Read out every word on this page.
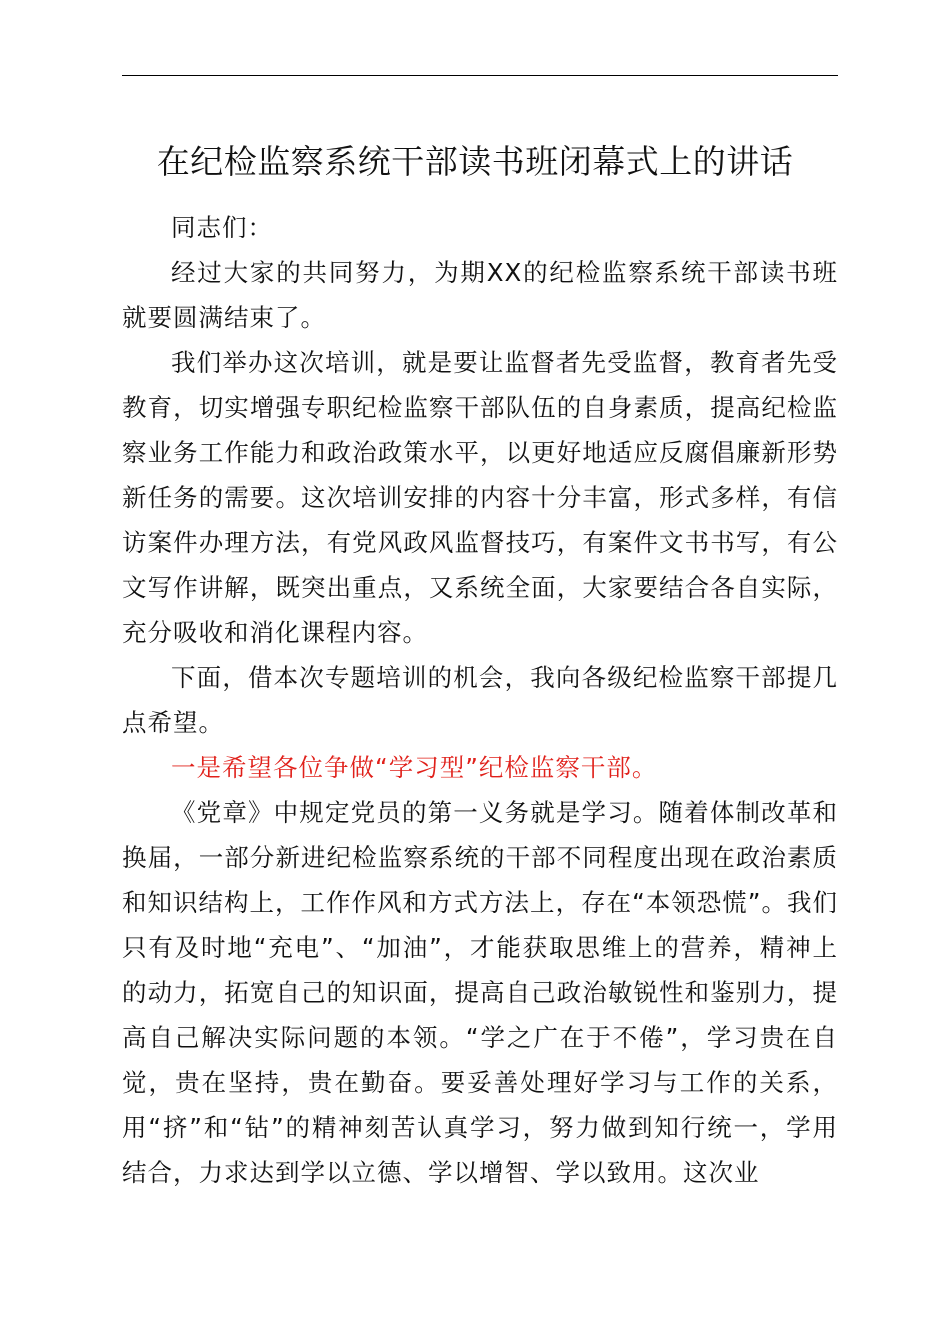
在纪检监察系统干部读书班闭幕式上的讲话

同志们：

经过大家的共同努力，为期XX的纪检监察系统干部读书班就要圆满结束了。

我们举办这次培训，就是要让监督者先受监督，教育者先受教育，切实增强专职纪检监察干部队伍的自身素质，提高纪检监察业务工作能力和政治政策水平，以更好地适应反腐倡廉新形势新任务的需要。这次培训安排的内容十分丰富，形式多样，有信访案件办理方法，有党风政风监督技巧，有案件文书书写，有公文写作讲解，既突出重点，又系统全面，大家要结合各自实际，充分吸收和消化课程内容。

下面，借本次专题培训的机会，我向各级纪检监察干部提几点希望。

一是希望各位争做“学习型”纪检监察干部。

《党章》中规定党员的第一义务就是学习。随着体制改革和换届，一部分新进纪检监察系统的干部不同程度出现在政治素质和知识结构上，工作作风和方式方法上，存在“本领恐慌”。我们只有及时地“充电”、“加油”，才能获取思维上的营养，精神上的动力，拓宽自己的知识面，提高自己政治敏锐性和鉴别力，提高自己解决实际问题的本领。“学之广在于不倦”，学习贵在自觉，贵在坚持，贵在勤奋。要妥善处理好学习与工作的关系，用“挤”和“钻”的精神刻苦认真学习，努力做到知行统一，学用结合，力求达到学以立德、学以增智、学以致用。这次业
